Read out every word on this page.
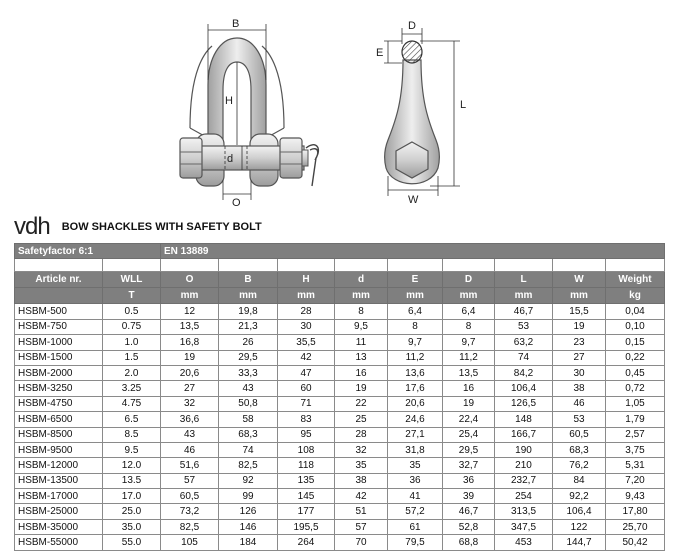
B
H
d
O
D
E
L
W
vdh BOW SHACKLES WITH SAFETY BOLT
Safetyfactor 6:1		EN 13889								

Article nr.	WLL	O	B	H	d	E	D	L	W	Weight
	T	mm	mm	mm	mm	mm	mm	mm	mm	kg
HSBM-500	0.5	12	19,8	28	8	6,4	6,4	46,7	15,5	0,04
HSBM-750	0.75	13,5	21,3	30	9,5	8	8	53	19	0,10
HSBM-1000	1.0	16,8	26	35,5	11	9,7	9,7	63,2	23	0,15
HSBM-1500	1.5	19	29,5	42	13	11,2	11,2	74	27	0,22
HSBM-2000	2.0	20,6	33,3	47	16	13,6	13,5	84,2	30	0,45
HSBM-3250	3.25	27	43	60	19	17,6	16	106,4	38	0,72
HSBM-4750	4.75	32	50,8	71	22	20,6	19	126,5	46	1,05
HSBM-6500	6.5	36,6	58	83	25	24,6	22,4	148	53	1,79
HSBM-8500	8.5	43	68,3	95	28	27,1	25,4	166,7	60,5	2,57
HSBM-9500	9.5	46	74	108	32	31,8	29,5	190	68,3	3,75
HSBM-12000	12.0	51,6	82,5	118	35	35	32,7	210	76,2	5,31
HSBM-13500	13.5	57	92	135	38	36	36	232,7	84	7,20
HSBM-17000	17.0	60,5	99	145	42	41	39	254	92,2	9,43
HSBM-25000	25.0	73,2	126	177	51	57,2	46,7	313,5	106,4	17,80
HSBM-35000	35.0	82,5	146	195,5	57	61	52,8	347,5	122	25,70
HSBM-55000	55.0	105	184	264	70	79,5	68,8	453	144,7	50,42
